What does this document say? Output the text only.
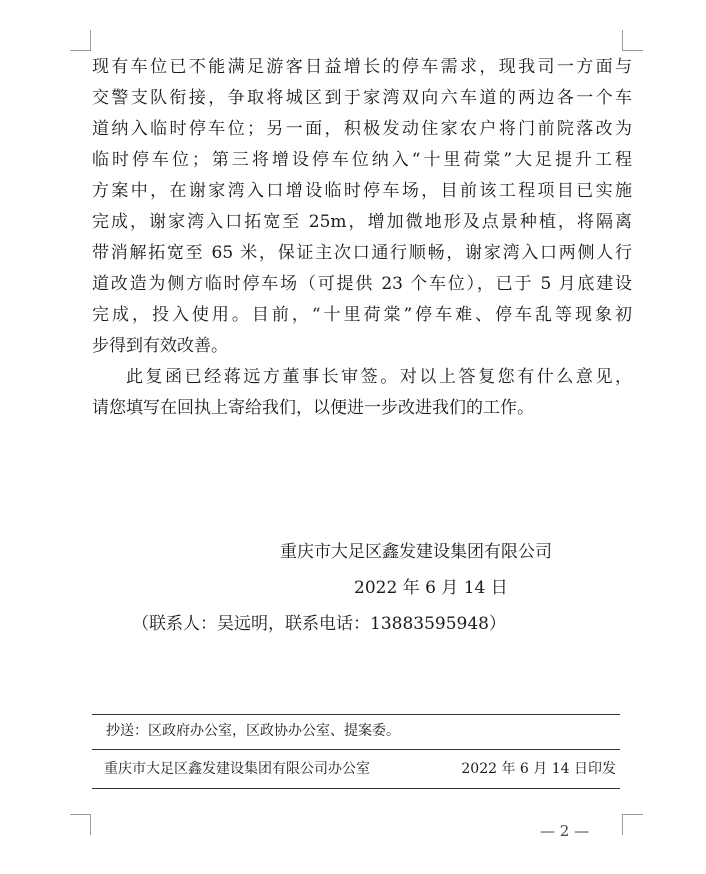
现有车位已不能满足游客日益增长的停车需求，现我司一方面与
交警支队衔接，争取将城区到于家湾双向六车道的两边各一个车
道纳入临时停车位；另一面，积极发动住家农户将门前院落改为
临时停车位；第三将增设停车位纳入“十里荷棠”大足提升工程
方案中，在谢家湾入口增设临时停车场，目前该工程项目已实施
完成，谢家湾入口拓宽至 25m，增加微地形及点景种植，将隔离
带消解拓宽至 65 米，保证主次口通行顺畅，谢家湾入口两侧人行
道改造为侧方临时停车场（可提供 23 个车位），已于 5 月底建设
完成，投入使用。目前，“十里荷棠”停车难、停车乱等现象初
步得到有效改善。
此复函已经蒋远方董事长审签。对以上答复您有什么意见，
请您填写在回执上寄给我们，以便进一步改进我们的工作。
重庆市大足区鑫发建设集团有限公司
2022 年 6 月 14 日
（联系人：吴远明，联系电话：13883595948）
抄送：区政府办公室，区政协办公室、提案委。
重庆市大足区鑫发建设集团有限公司办公室	2022 年 6 月 14 日印发
— 2 —
